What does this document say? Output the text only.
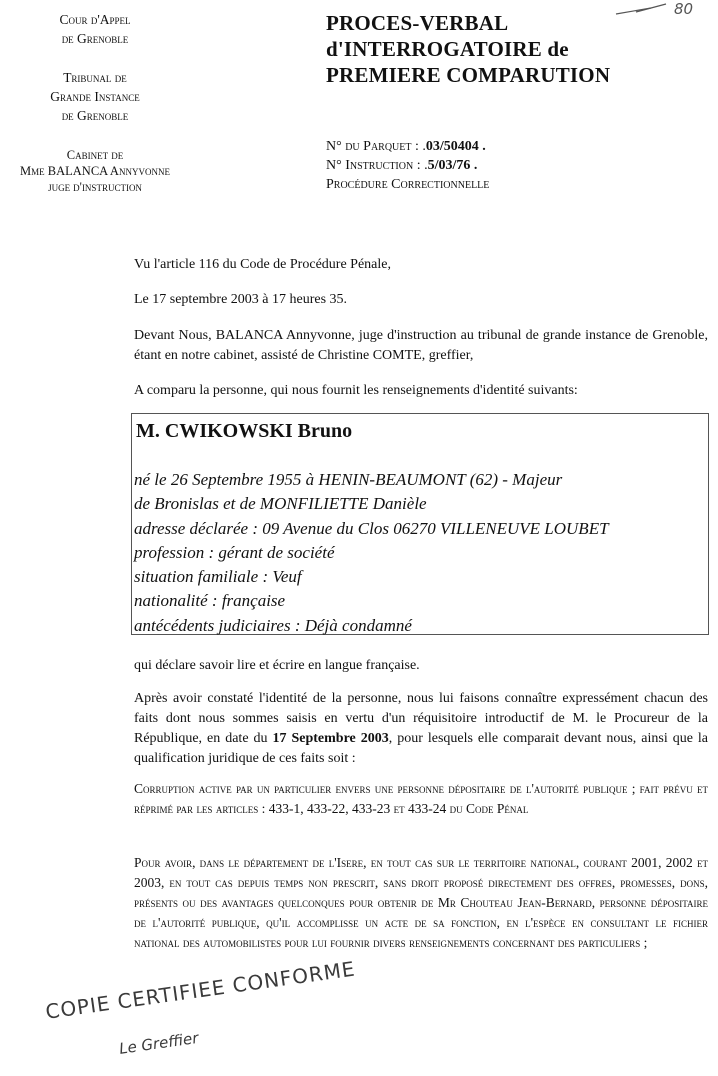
Cour d'Appel
de Grenoble
Tribunal de
Grande Instance
de Grenoble
Cabinet de
Mme BALANCA Annyvonne
juge d'instruction
PROCES-VERBAL
d'INTERROGATOIRE de
PREMIERE COMPARUTION
80
N° du Parquet : .03/50404 .
N° Instruction : .5/03/76 .
Procédure Correctionnelle
Vu l'article 116 du Code de Procédure Pénale,
Le 17 septembre 2003 à 17 heures 35.
Devant Nous, BALANCA Annyvonne, juge d'instruction au tribunal de grande instance de Grenoble, étant en notre cabinet, assisté de Christine COMTE, greffier,
A comparu la personne, qui nous fournit les renseignements d'identité suivants:
M. CWIKOWSKI Bruno
né le 26 Septembre 1955 à HENIN-BEAUMONT (62) - Majeur
de Bronislas et de MONFILIETTE Danièle
adresse déclarée : 09 Avenue du Clos 06270 VILLENEUVE LOUBET
profession : gérant de société
situation familiale : Veuf
nationalité : française
antécédents judiciaires : Déjà condamné
qui déclare savoir lire et écrire en langue française.
Après avoir constaté l'identité de la personne, nous lui faisons connaître expressément chacun des faits dont nous sommes saisis en vertu d'un réquisitoire introductif de M. le Procureur de la République, en date du 17 Septembre 2003, pour lesquels elle comparait devant nous, ainsi que la qualification juridique de ces faits soit :
Corruption active par un particulier envers une personne dépositaire de l'autorité publique ; fait prévu et réprimé par les articles : 433-1, 433-22, 433-23 et 433-24 du Code Pénal
Pour avoir, dans le département de l'Isere, en tout cas sur le territoire national, courant 2001, 2002 et 2003, en tout cas depuis temps non prescrit, sans droit proposé directement des offres, promesses, dons, présents ou des avantages quelconques pour obtenir de Mr Chouteau Jean-Bernard, personne dépositaire de l'autorité publique, qu'il accomplisse un acte de sa fonction, en l'espèce en consultant le fichier national des automobilistes pour lui fournir divers renseignements concernant des particuliers ;
COPIE CERTIFIEE CONFORME
Le Greffier
